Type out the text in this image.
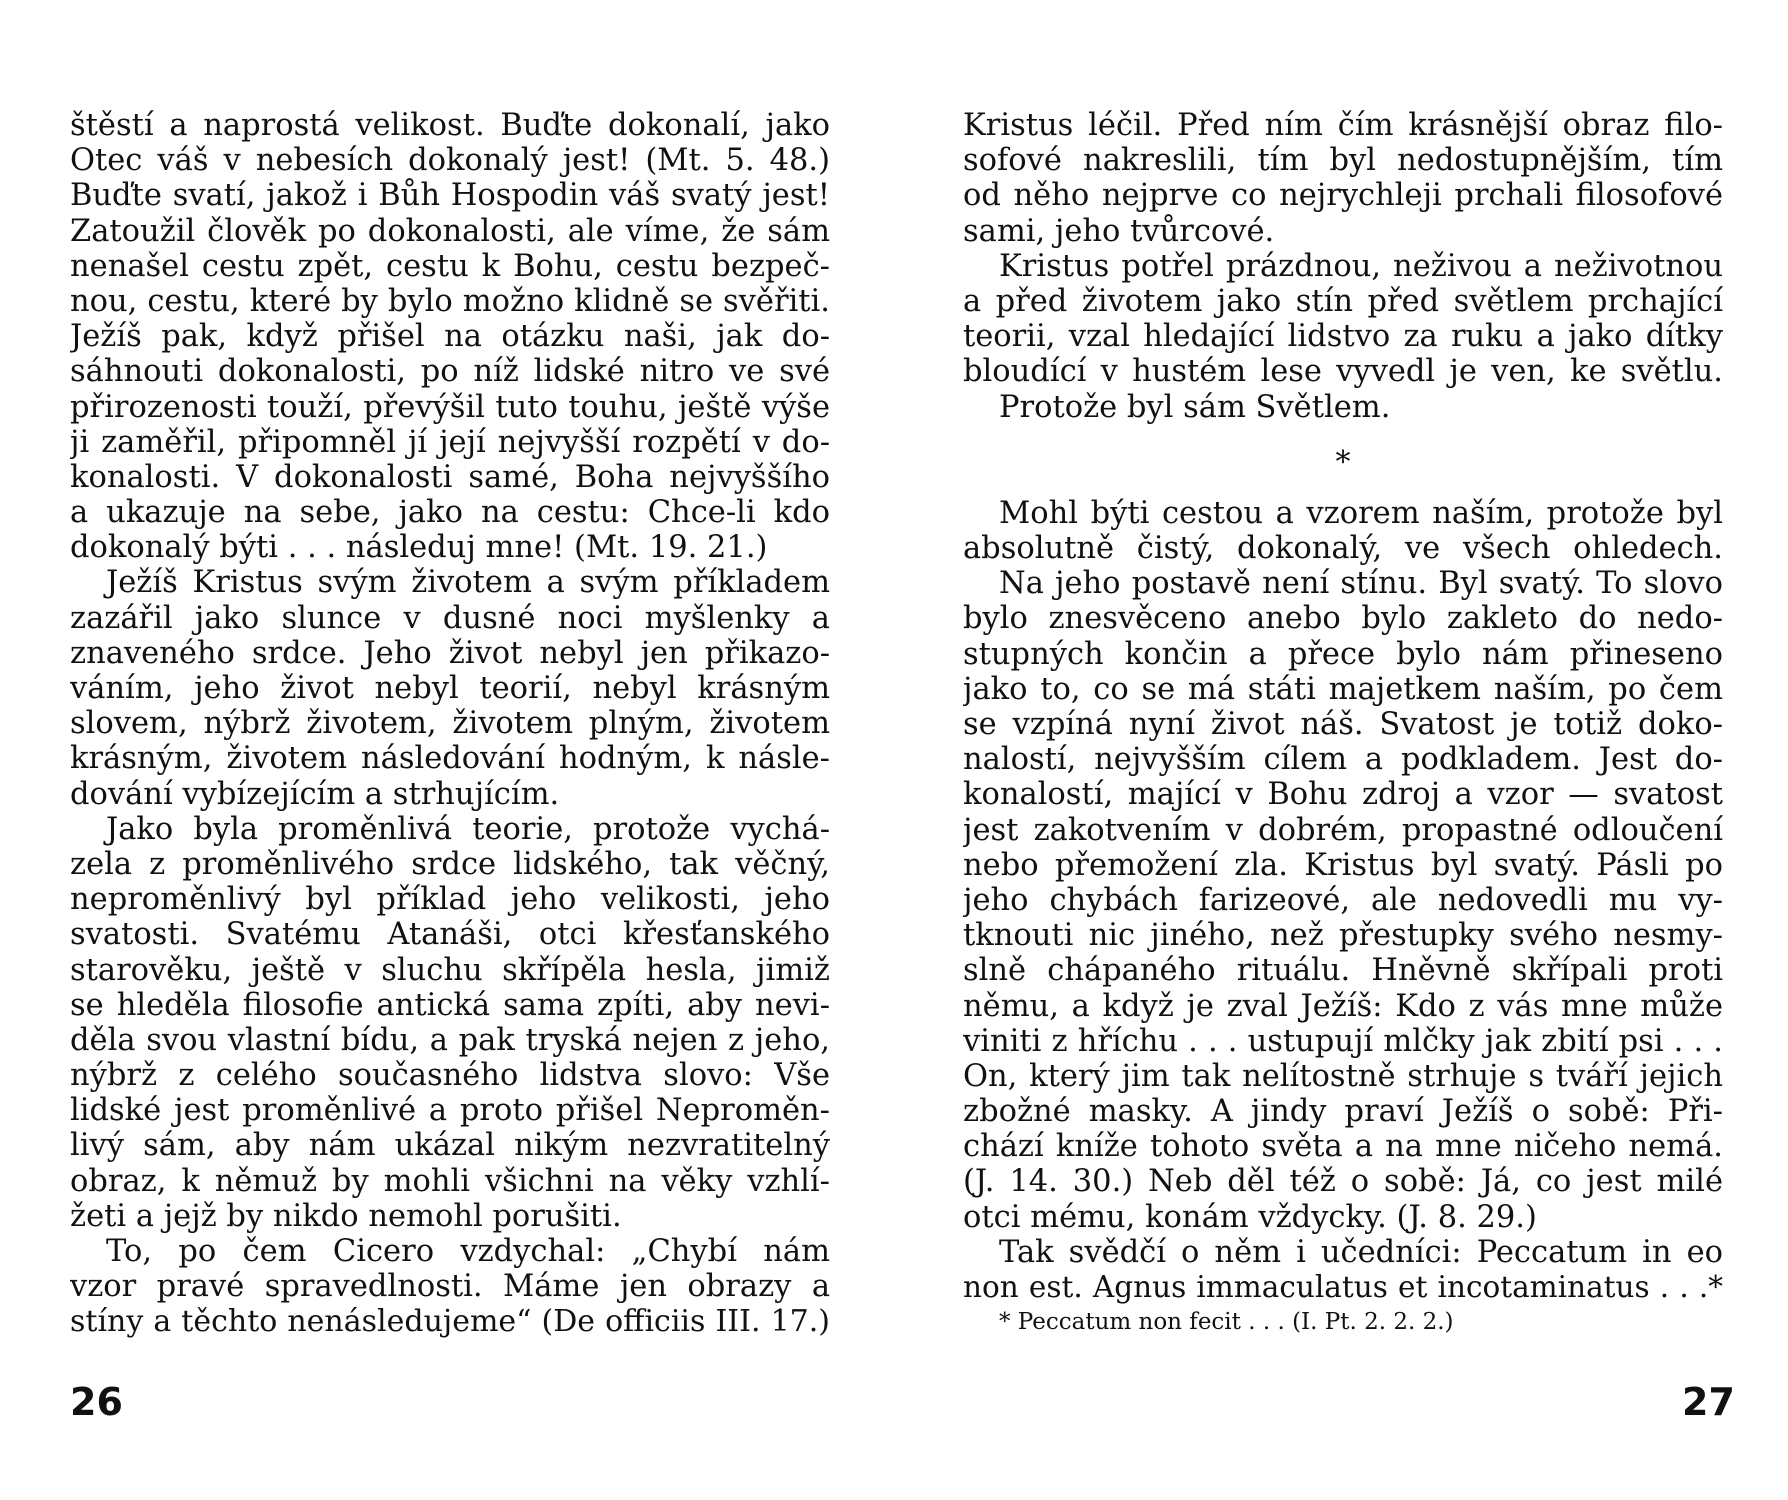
štěstí a naprostá velikost. Buďte dokonalí, jako
Otec váš v nebesích dokonalý jest! (Mt. 5. 48.)
Buďte svatí, jakož i Bůh Hospodin váš svatý jest!
Zatoužil člověk po dokonalosti, ale víme, že sám
nenašel cestu zpět, cestu k Bohu, cestu bezpeč-
nou, cestu, které by bylo možno klidně se svěřiti.
Ježíš pak, když přišel na otázku naši, jak do-
sáhnouti dokonalosti, po níž lidské nitro ve své
přirozenosti touží, převýšil tuto touhu, ještě výše
ji zaměřil, připomněl jí její nejvyšší rozpětí v do-
konalosti. V dokonalosti samé, Boha nejvyššího
a ukazuje na sebe, jako na cestu: Chce-li kdo
dokonalý býti . . . následuj mne! (Mt. 19. 21.)
Ježíš Kristus svým životem a svým příkladem
zazářil jako slunce v dusné noci myšlenky a
znaveného srdce. Jeho život nebyl jen přikazo-
váním, jeho život nebyl teorií, nebyl krásným
slovem, nýbrž životem, životem plným, životem
krásným, životem následování hodným, k násle-
dování vybízejícím a strhujícím.
Jako byla proměnlivá teorie, protože vychá-
zela z proměnlivého srdce lidského, tak věčný,
neproměnlivý byl příklad jeho velikosti, jeho
svatosti. Svatému Atanáši, otci křesťanského
starověku, ještě v sluchu skřípěla hesla, jimiž
se hleděla filosofie antická sama zpíti, aby nevi-
děla svou vlastní bídu, a pak tryská nejen z jeho,
nýbrž z celého současného lidstva slovo: Vše
lidské jest proměnlivé a proto přišel Neproměn-
livý sám, aby nám ukázal nikým nezvratitelný
obraz, k němuž by mohli všichni na věky vzhlí-
žeti a jejž by nikdo nemohl porušiti.
To, po čem Cicero vzdychal: „Chybí nám
vzor pravé spravedlnosti. Máme jen obrazy a
stíny a těchto nenásledujeme“ (De officiis III. 17.)
Kristus léčil. Před ním čím krásnější obraz filo-
sofové nakreslili, tím byl nedostupnějším, tím
od něho nejprve co nejrychleji prchali filosofové
sami, jeho tvůrcové.
Kristus potřel prázdnou, neživou a neživotnou
a před životem jako stín před světlem prchající
teorii, vzal hledající lidstvo za ruku a jako dítky
bloudící v hustém lese vyvedl je ven, ke světlu.
Protože byl sám Světlem.
*
Mohl býti cestou a vzorem naším, protože byl
absolutně čistý, dokonalý, ve všech ohledech.
Na jeho postavě není stínu. Byl svatý. To slovo
bylo znesvěceno anebo bylo zakleto do nedo-
stupných končin a přece bylo nám přineseno
jako to, co se má státi majetkem naším, po čem
se vzpíná nyní život náš. Svatost je totiž doko-
nalostí, nejvyšším cílem a podkladem. Jest do-
konalostí, mající v Bohu zdroj a vzor — svatost
jest zakotvením v dobrém, propastné odloučení
nebo přemožení zla. Kristus byl svatý. Pásli po
jeho chybách farizeové, ale nedovedli mu vy-
tknouti nic jiného, než přestupky svého nesmy-
slně chápaného rituálu. Hněvně skřípali proti
němu, a když je zval Ježíš: Kdo z vás mne může
viniti z hříchu . . . ustupují mlčky jak zbití psi . . .
On, který jim tak nelítostně strhuje s tváří jejich
zbožné masky. A jindy praví Ježíš o sobě: Při-
chází kníže tohoto světa a na mne ničeho nemá.
(J. 14. 30.) Neb děl též o sobě: Já, co jest milé
otci mému, konám vždycky. (J. 8. 29.)
Tak svědčí o něm i učedníci: Peccatum in eo
non est. Agnus immaculatus et incotaminatus . . .*
* Peccatum non fecit . . . (I. Pt. 2. 2. 2.)
26	27
